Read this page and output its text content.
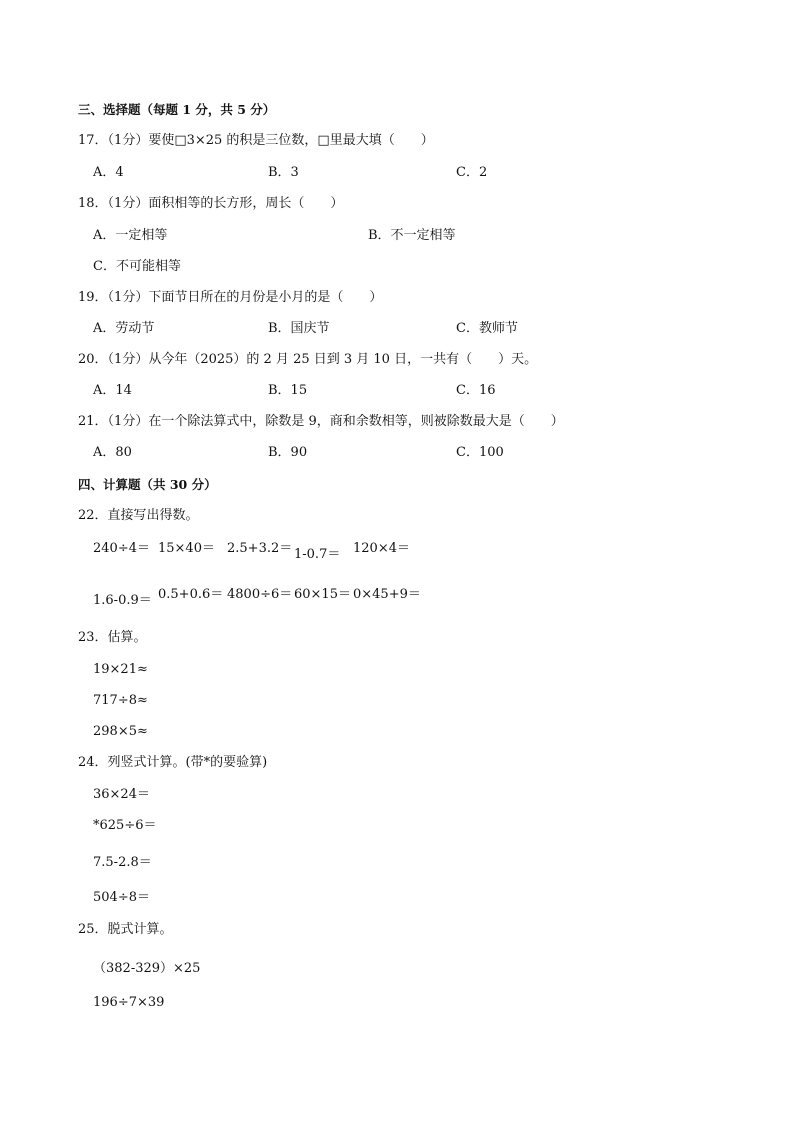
三、选择题（每题 1 分，共 5 分）
17．（1分）要使□3×25 的积是三位数，□里最大填（　　）
A．4	B．3	C．2
18．（1分）面积相等的长方形，周长（　　）
A．一定相等	B．不一定相等
C．不可能相等
19．（1分）下面节日所在的月份是小月的是（　　）
A．劳动节	B．国庆节	C．教师节
20．（1分）从今年（2025）的 2 月 25 日到 3 月 10 日，一共有（　　）天。
A．14	B．15	C．16
21．（1分）在一个除法算式中，除数是 9，商和余数相等，则被除数最大是（　　）
A．80	B．90	C．100
四、计算题（共 30 分）
22．直接写出得数。
240÷4＝ 15×40＝ 2.5+3.2＝ 1-0.7＝ 120×4＝
1.6-0.9＝ 0.5+0.6＝ 4800÷6＝ 60×15＝ 0×45+9＝
23．估算。
19×21≈
717÷8≈
298×5≈
24．列竖式计算。(带*的要验算)
36×24＝
*625÷6＝
7.5-2.8＝
504÷8＝
25．脱式计算。
（382-329）×25
196÷7×39
